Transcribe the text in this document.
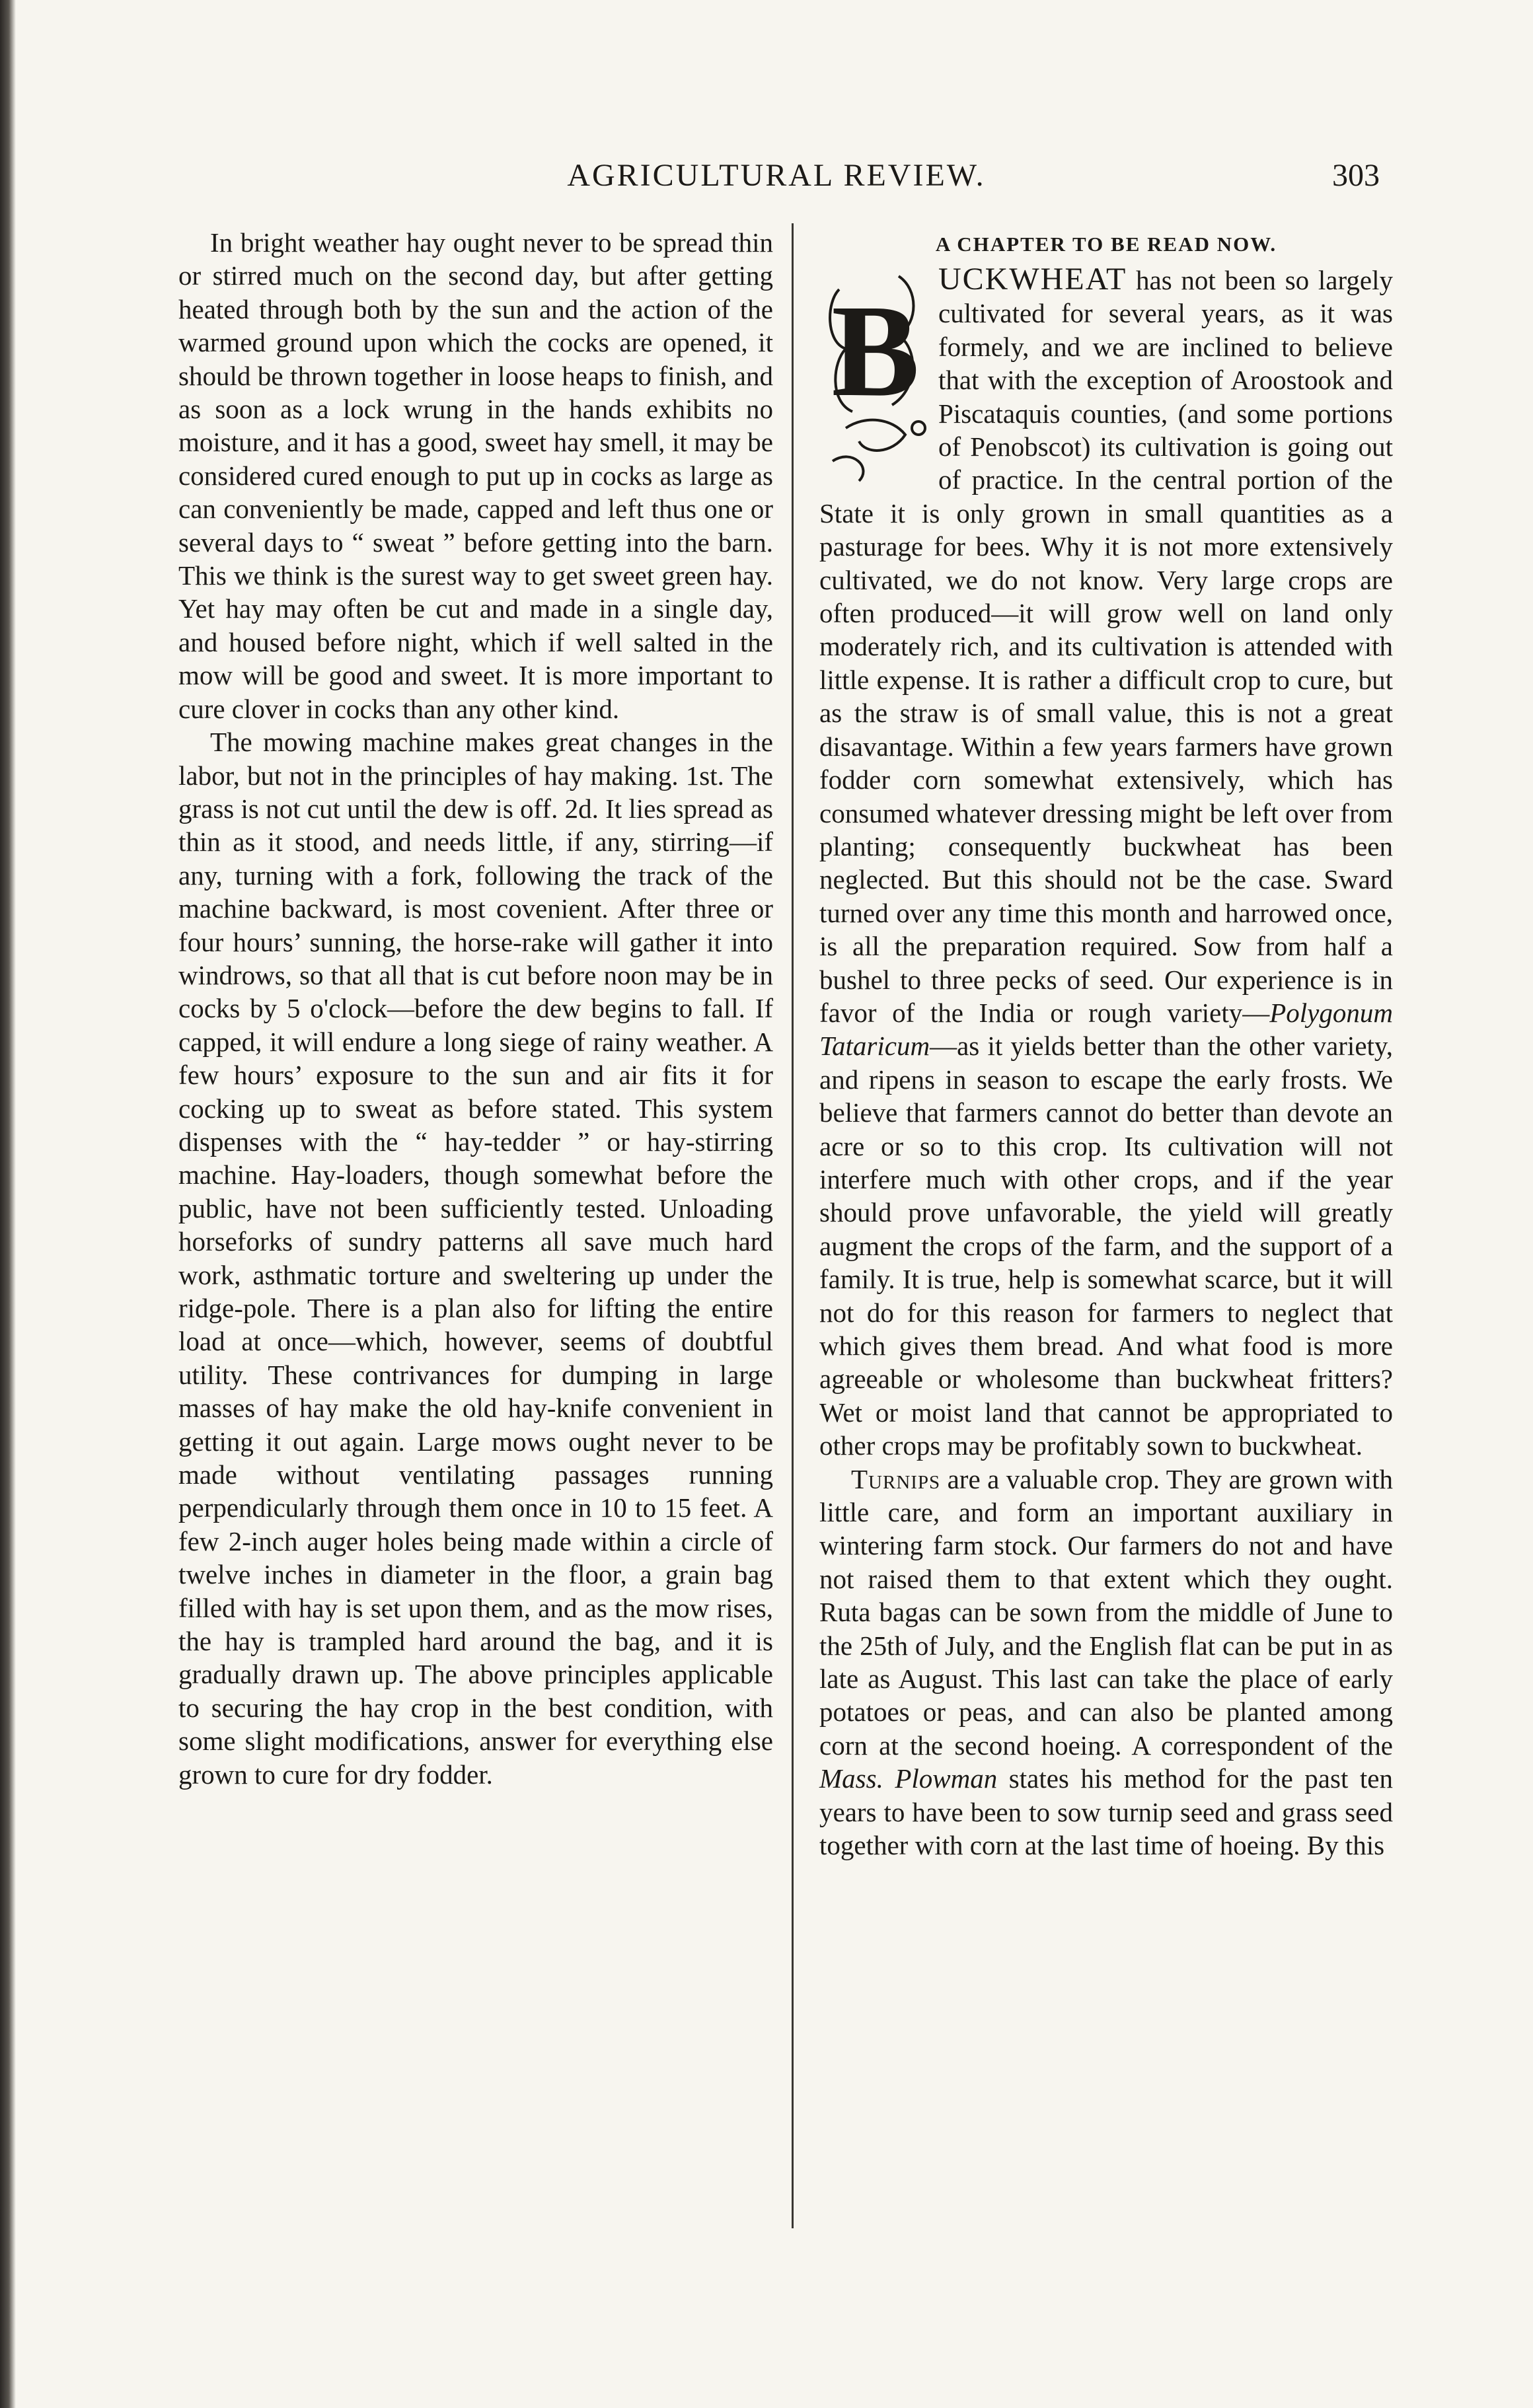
AGRICULTURAL REVIEW.	303

In bright weather hay ought never to be spread thin or stirred much on the second day, but after getting heated through both by the sun and the action of the warmed ground upon which the cocks are opened, it should be thrown together in loose heaps to finish, and as soon as a lock wrung in the hands exhibits no moisture, and it has a good, sweet hay smell, it may be considered cured enough to put up in cocks as large as can conveniently be made, capped and left thus one or several days to “ sweat ” before getting into the barn. This we think is the surest way to get sweet green hay. Yet hay may often be cut and made in a single day, and housed before night, which if well salted in the mow will be good and sweet. It is more important to cure clover in cocks than any other kind.

The mowing machine makes great changes in the labor, but not in the principles of hay making. 1st. The grass is not cut until the dew is off. 2d. It lies spread as thin as it stood, and needs little, if any, stirring—if any, turning with a fork, following the track of the machine backward, is most covenient. After three or four hours’ sunning, the horse-rake will gather it into windrows, so that all that is cut before noon may be in cocks by 5 o'clock—before the dew begins to fall. If capped, it will endure a long siege of rainy weather. A few hours’ exposure to the sun and air fits it for cocking up to sweat as before stated. This system dispenses with the “ hay-tedder ” or hay-stirring machine. Hay-loaders, though somewhat before the public, have not been sufficiently tested. Unloading horseforks of sundry patterns all save much hard work, asthmatic torture and sweltering up under the ridge-pole. There is a plan also for lifting the entire load at once—which, however, seems of doubtful utility. These contrivances for dumping in large masses of hay make the old hay-knife convenient in getting it out again. Large mows ought never to be made without ventilating passages running perpendicularly through them once in 10 to 15 feet. A few 2-inch auger holes being made within a circle of twelve inches in diameter in the floor, a grain bag filled with hay is set upon them, and as the mow rises, the hay is trampled hard around the bag, and it is gradually drawn up. The above principles applicable to securing the hay crop in the best condition, with some slight modifications, answer for everything else grown to cure for dry fodder.

A CHAPTER TO BE READ NOW.

B UCKWHEAT has not been so largely cultivated for several years, as it was formely, and we are inclined to believe that with the exception of Aroostook and Piscataquis counties, (and some portions of Penobscot) its cultivation is going out of practice. In the central portion of the State it is only grown in small quantities as a pasturage for bees. Why it is not more extensively cultivated, we do not know. Very large crops are often produced—it will grow well on land only moderately rich, and its cultivation is attended with little expense. It is rather a difficult crop to cure, but as the straw is of small value, this is not a great disavantage. Within a few years farmers have grown fodder corn somewhat extensively, which has consumed whatever dressing might be left over from planting; consequently buckwheat has been neglected. But this should not be the case. Sward turned over any time this month and harrowed once, is all the preparation required. Sow from half a bushel to three pecks of seed. Our experience is in favor of the India or rough variety—Polygonum Tataricum—as it yields better than the other variety, and ripens in season to escape the early frosts. We believe that farmers cannot do better than devote an acre or so to this crop. Its cultivation will not interfere much with other crops, and if the year should prove unfavorable, the yield will greatly augment the crops of the farm, and the support of a family. It is true, help is somewhat scarce, but it will not do for this reason for farmers to neglect that which gives them bread. And what food is more agreeable or wholesome than buckwheat fritters? Wet or moist land that cannot be appropriated to other crops may be profitably sown to buckwheat.

Turnips are a valuable crop. They are grown with little care, and form an important auxiliary in wintering farm stock. Our farmers do not and have not raised them to that extent which they ought. Ruta bagas can be sown from the middle of June to the 25th of July, and the English flat can be put in as late as August. This last can take the place of early potatoes or peas, and can also be planted among corn at the second hoeing. A correspondent of the Mass. Plowman states his method for the past ten years to have been to sow turnip seed and grass seed together with corn at the last time of hoeing. By this
